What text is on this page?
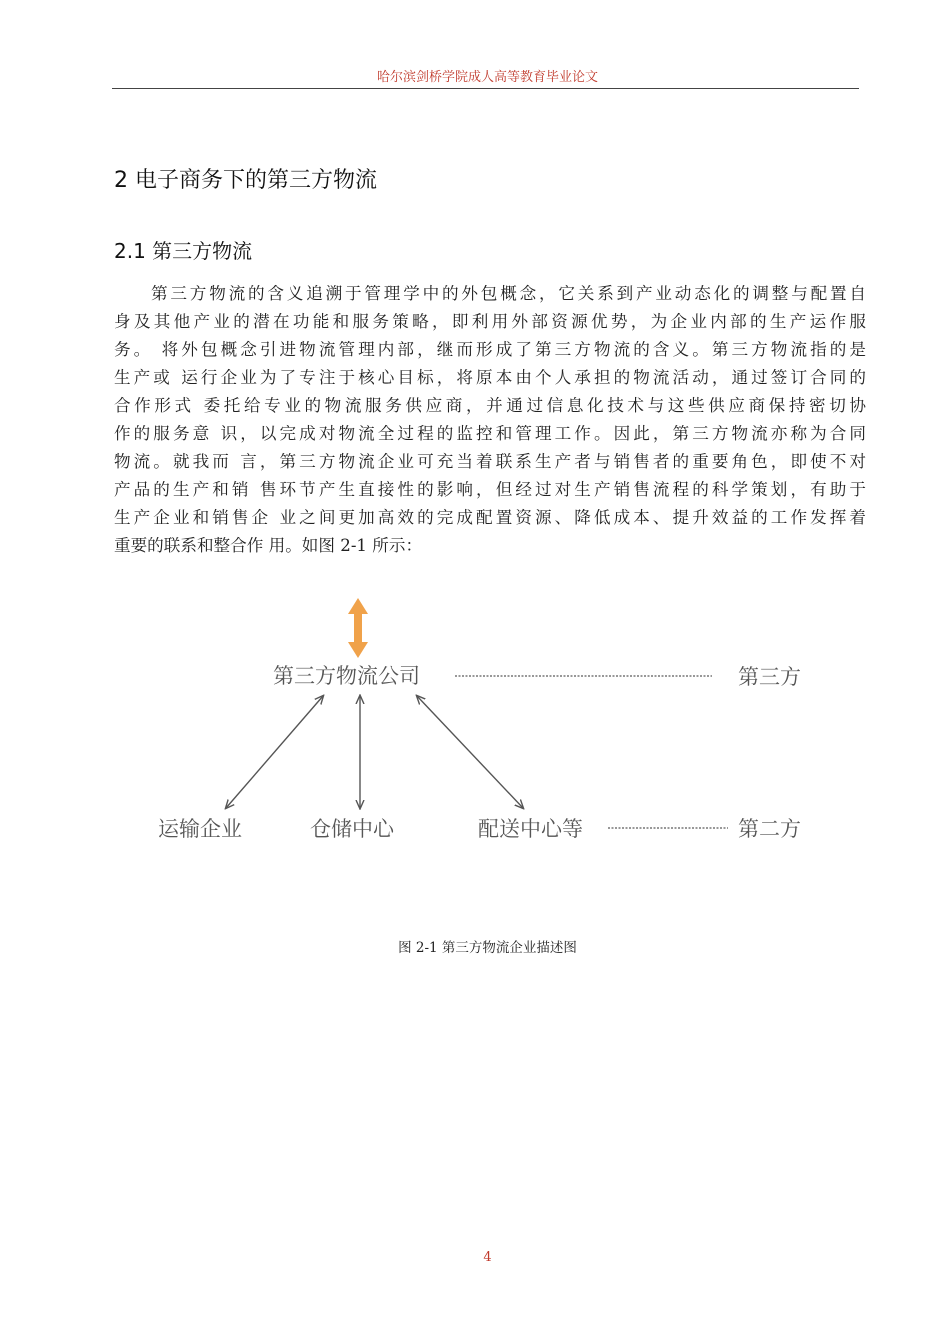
哈尔滨剑桥学院成人高等教育毕业论文
2 电子商务下的第三方物流
2.1 第三方物流
第三方物流的含义追溯于管理学中的外包概念，它关系到产业动态化的调整与配置自
身及其他产业的潜在功能和服务策略，即利用外部资源优势，为企业内部的生产运作服
务。 将外包概念引进物流管理内部，继而形成了第三方物流的含义。第三方物流指的是
生产或 运行企业为了专注于核心目标，将原本由个人承担的物流活动，通过签订合同的
合作形式 委托给专业的物流服务供应商，并通过信息化技术与这些供应商保持密切协
作的服务意 识，以完成对物流全过程的监控和管理工作。因此，第三方物流亦称为合同
物流。就我而 言，第三方物流企业可充当着联系生产者与销售者的重要角色，即使不对
产品的生产和销 售环节产生直接性的影响，但经过对生产销售流程的科学策划，有助于
生产企业和销售企 业之间更加高效的完成配置资源、降低成本、提升效益的工作发挥着
重要的联系和整合作 用。如图 2-1 所示：
第三方物流公司	第三方
运输企业	仓储中心	配送中心等	第二方
图 2-1 第三方物流企业描述图
4
